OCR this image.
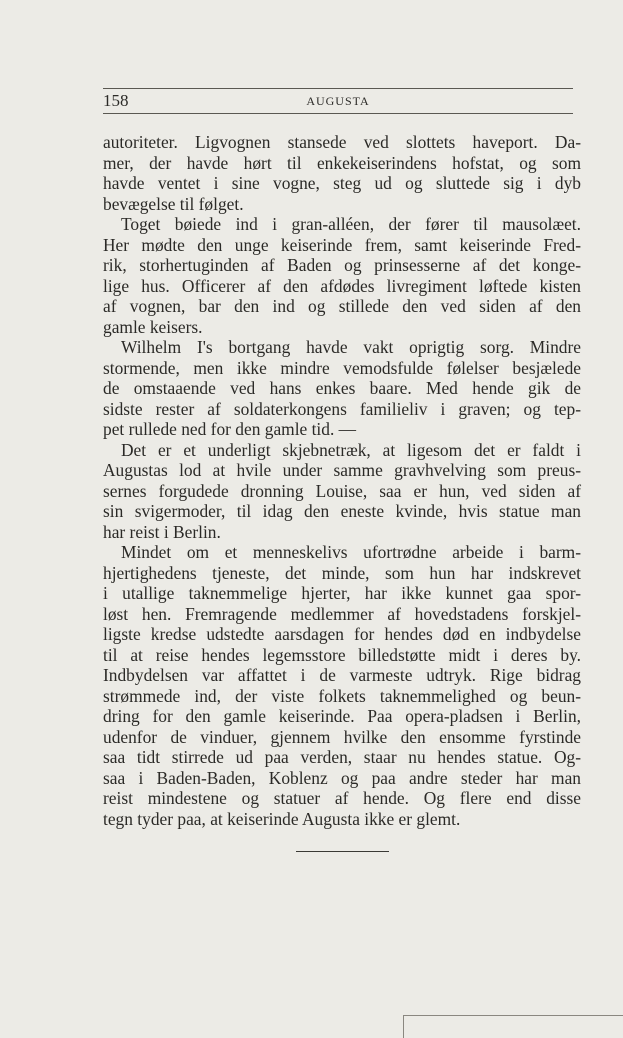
158	AUGUSTA
autoriteter. Ligvognen stansede ved slottets haveport. Da-
mer, der havde hørt til enkekeiserindens hofstat, og som
havde ventet i sine vogne, steg ud og sluttede sig i dyb
bevægelse til følget.
Toget bøiede ind i gran-alléen, der fører til mausolæet.
Her mødte den unge keiserinde frem, samt keiserinde Fred-
rik, storhertuginden af Baden og prinsesserne af det konge-
lige hus. Officerer af den afdødes livregiment løftede kisten
af vognen, bar den ind og stillede den ved siden af den
gamle keisers.
Wilhelm I's bortgang havde vakt oprigtig sorg. Mindre
stormende, men ikke mindre vemodsfulde følelser besjælede
de omstaaende ved hans enkes baare. Med hende gik de
sidste rester af soldaterkongens familieliv i graven; og tep-
pet rullede ned for den gamle tid. —
Det er et underligt skjebnetræk, at ligesom det er faldt i
Augustas lod at hvile under samme gravhvelving som preus-
sernes forgudede dronning Louise, saa er hun, ved siden af
sin svigermoder, til idag den eneste kvinde, hvis statue man
har reist i Berlin.
Mindet om et menneskelivs ufortrødne arbeide i barm-
hjertighedens tjeneste, det minde, som hun har indskrevet
i utallige taknemmelige hjerter, har ikke kunnet gaa spor-
løst hen. Fremragende medlemmer af hovedstadens forskjel-
ligste kredse udstedte aarsdagen for hendes død en indbydelse
til at reise hendes legemsstore billedstøtte midt i deres by.
Indbydelsen var affattet i de varmeste udtryk. Rige bidrag
strømmede ind, der viste folkets taknemmelighed og beun-
dring for den gamle keiserinde. Paa opera-pladsen i Berlin,
udenfor de vinduer, gjennem hvilke den ensomme fyrstinde
saa tidt stirrede ud paa verden, staar nu hendes statue. Og-
saa i Baden-Baden, Koblenz og paa andre steder har man
reist mindestene og statuer af hende. Og flere end disse
tegn tyder paa, at keiserinde Augusta ikke er glemt.
